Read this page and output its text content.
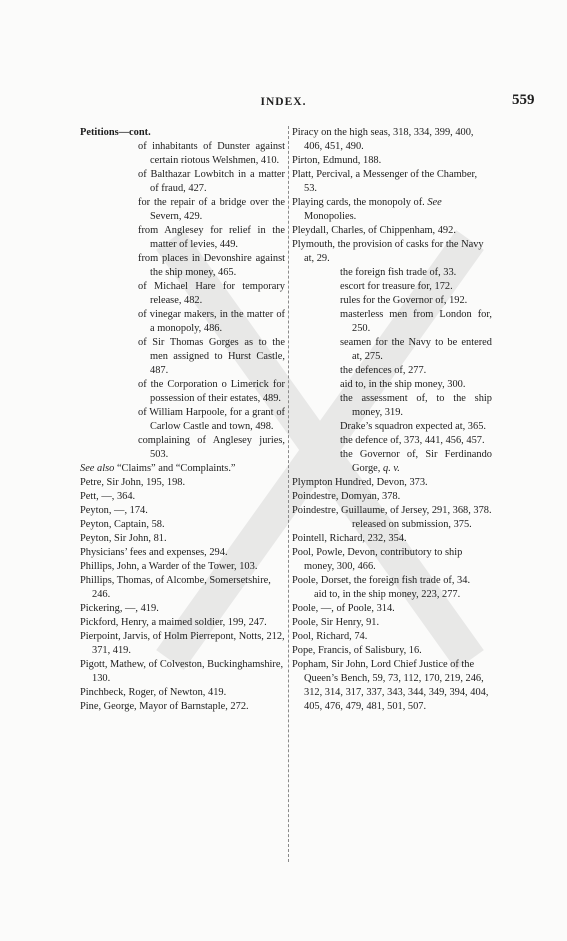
INDEX.	559
Petitions—cont.
of inhabitants of Dunster against certain riotous Welshmen, 410.
of Balthazar Lowbitch in a matter of fraud, 427.
for the repair of a bridge over the Severn, 429.
from Anglesey for relief in the matter of levies, 449.
from places in Devonshire against the ship money, 465.
of Michael Hare for temporary release, 482.
of vinegar makers, in the matter of a monopoly, 486.
of Sir Thomas Gorges as to the men assigned to Hurst Castle, 487.
of the Corporation o Limerick for possession of their estates, 489.
of William Harpoole, for a grant of Carlow Castle and town, 498.
complaining of Anglesey juries, 503.
See also “Claims” and “Complaints.”
Petre, Sir John, 195, 198.
Pett, —, 364.
Peyton, —, 174.
Peyton, Captain, 58.
Peyton, Sir John, 81.
Physicians’ fees and expenses, 294.
Phillips, John, a Warder of the Tower, 103.
Phillips, Thomas, of Alcombe, Somersetshire, 246.
Pickering, —, 419.
Pickford, Henry, a maimed soldier, 199, 247.
Pierpoint, Jarvis, of Holm Pierrepont, Notts, 212, 371, 419.
Pigott, Mathew, of Colveston, Buckinghamshire, 130.
Pinchbeck, Roger, of Newton, 419.
Pine, George, Mayor of Barnstaple, 272.
Piracy on the high seas, 318, 334, 399, 400, 406, 451, 490.
Pirton, Edmund, 188.
Platt, Percival, a Messenger of the Chamber, 53.
Playing cards, the monopoly of. See Monopolies.
Pleydall, Charles, of Chippenham, 492.
Plymouth, the provision of casks for the Navy at, 29.
the foreign fish trade of, 33.
escort for treasure for, 172.
rules for the Governor of, 192.
masterless men from London for, 250.
seamen for the Navy to be entered at, 275.
the defences of, 277.
aid to, in the ship money, 300.
the assessment of, to the ship money, 319.
Drake’s squadron expected at, 365.
the defence of, 373, 441, 456, 457.
the Governor of, Sir Ferdinando Gorge, q. v.
Plympton Hundred, Devon, 373.
Poindestre, Domyan, 378.
Poindestre, Guillaume, of Jersey, 291, 368, 378.
released on submission, 375.
Pointell, Richard, 232, 354.
Pool, Powle, Devon, contributory to ship money, 300, 466.
Poole, Dorset, the foreign fish trade of, 34.
aid to, in the ship money, 223, 277.
Poole, —, of Poole, 314.
Poole, Sir Henry, 91.
Pool, Richard, 74.
Pope, Francis, of Salisbury, 16.
Popham, Sir John, Lord Chief Justice of the Queen’s Bench, 59, 73, 112, 170, 219, 246, 312, 314, 317, 337, 343, 344, 349, 394, 404, 405, 476, 479, 481, 501, 507.
